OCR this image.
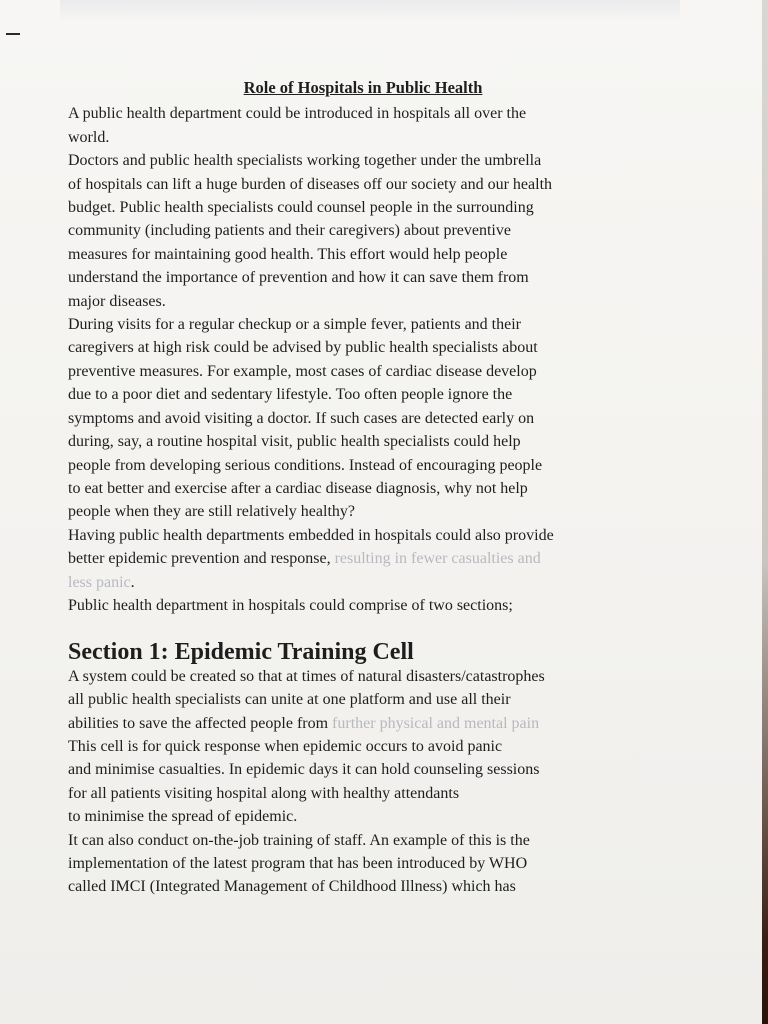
Role of Hospitals in Public Health

A public health department could be introduced in hospitals all over the
world.

Doctors and public health specialists working together under the umbrella
of hospitals can lift a huge burden of diseases off our society and our health
budget. Public health specialists could counsel people in the surrounding
community (including patients and their caregivers) about preventive
measures for maintaining good health. This effort would help people
understand the importance of prevention and how it can save them from
major diseases.

During visits for a regular checkup or a simple fever, patients and their
caregivers at high risk could be advised by public health specialists about
preventive measures. For example, most cases of cardiac disease develop
due to a poor diet and sedentary lifestyle. Too often people ignore the
symptoms and avoid visiting a doctor. If such cases are detected early on
during, say, a routine hospital visit, public health specialists could help
people from developing serious conditions. Instead of encouraging people
to eat better and exercise after a cardiac disease diagnosis, why not help
people when they are still relatively healthy?

Having public health departments embedded in hospitals could also provide
better epidemic prevention and response, resulting in fewer casualties and
less panic.

Public health department in hospitals could comprise of two sections;

Section 1: Epidemic Training Cell

A system could be created so that at times of natural disasters/catastrophes
all public health specialists can unite at one platform and use all their
abilities to save the affected people from further physical and mental pain
This cell is for quick response when epidemic occurs to avoid panic
and minimise casualties. In epidemic days it can hold counseling sessions
for all patients visiting hospital along with healthy attendants
to minimise the spread of epidemic.
It can also conduct on-the-job training of staff. An example of this is the
implementation of the latest program that has been introduced by WHO
called IMCI (Integrated Management of Childhood Illness) which has
